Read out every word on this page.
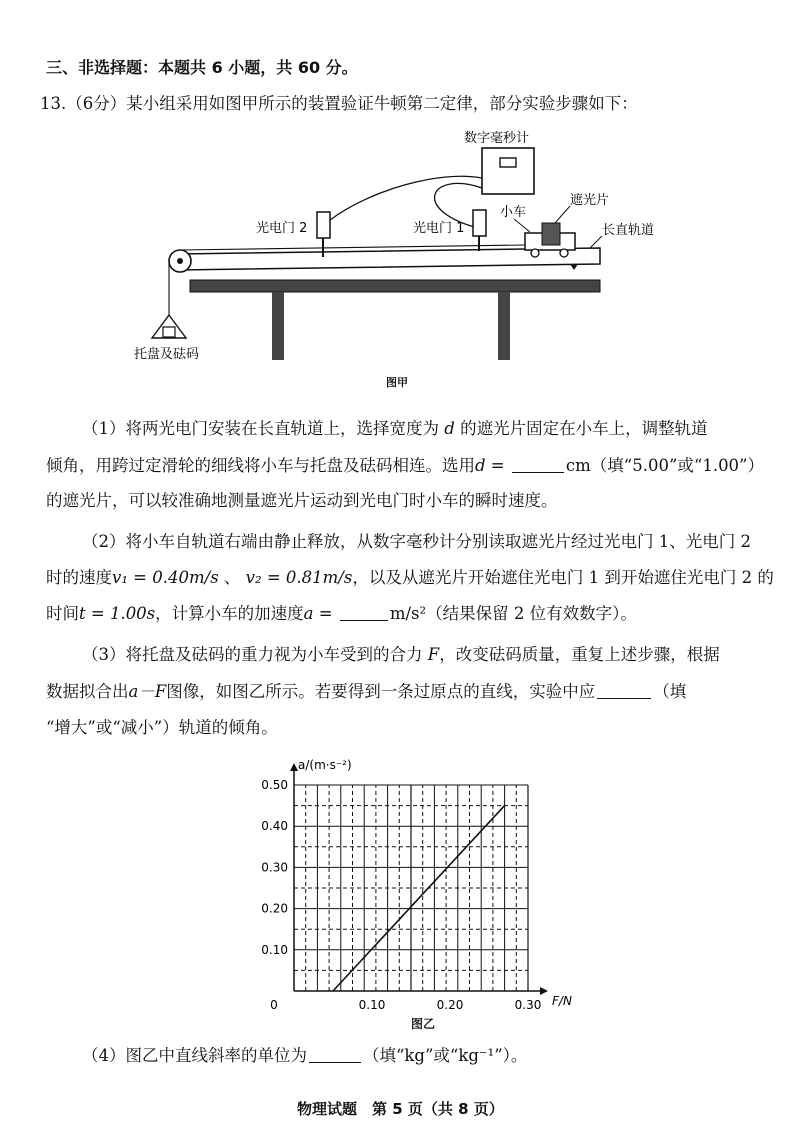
三、非选择题：本题共 6 小题，共 60 分。
13.（6分）某小组采用如图甲所示的装置验证牛顿第二定律，部分实验步骤如下：
数字毫秒计
光电门 2	光电门 1
小车
遮光片
长直轨道
托盘及砝码
图甲
（1）将两光电门安装在长直轨道上，选择宽度为 d 的遮光片固定在小车上，调整轨道
倾角，用跨过定滑轮的细线将小车与托盘及砝码相连。选用d =	cm（填“5.00”或“1.00”）
的遮光片，可以较准确地测量遮光片运动到光电门时小车的瞬时速度。
（2）将小车自轨道右端由静止释放，从数字毫秒计分别读取遮光片经过光电门 1、光电门 2
时的速度v₁ = 0.40m/s 、 v₂ = 0.81m/s，以及从遮光片开始遮住光电门 1 到开始遮住光电门 2 的
时间t = 1.00s，计算小车的加速度a =	m/s²（结果保留 2 位有效数字）。
（3）将托盘及砝码的重力视为小车受到的合力 F，改变砝码质量，重复上述步骤，根据
数据拟合出a－F图像，如图乙所示。若要得到一条过原点的直线，实验中应	（填
“增大”或“减小”）轨道的倾角。
0	0.10	0.20	0.30
0.10
0.20
0.30
0.40
0.50
F/N
a/(m·s⁻²)
图乙
（4）图乙中直线斜率的单位为	（填“kg”或“kg⁻¹”）。
物理试题　第 5 页（共 8 页）
